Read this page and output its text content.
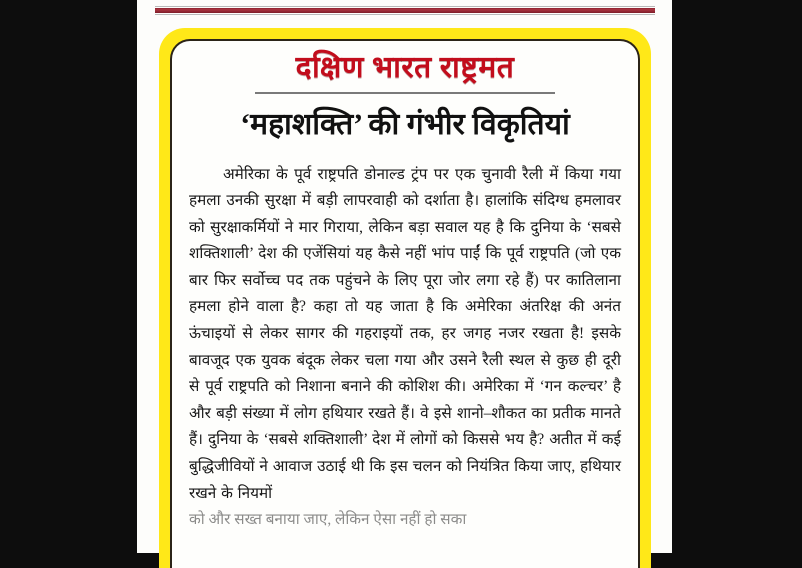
दक्षिण भारत राष्ट्रमत
‘महाशक्ति’ की गंभीर विकृतियां

अमेरिका के पूर्व राष्ट्रपति डोनाल्ड ट्रंप पर एक चुनावी रैली में किया गया हमला उनकी सुरक्षा में बड़ी लापरवाही को दर्शाता है। हालांकि संदिग्ध हमलावर को सुरक्षाकर्मियों ने मार गिराया, लेकिन बड़ा सवाल यह है कि दुनिया के ‘सबसे शक्तिशाली’ देश की एजेंसियां यह कैसे नहीं भांप पाईं कि पूर्व राष्ट्रपति (जो एक बार फिर सर्वोच्च पद तक पहुंचने के लिए पूरा जोर लगा रहे हैं) पर कातिलाना हमला होने वाला है? कहा तो यह जाता है कि अमेरिका अंतरिक्ष की अनंत ऊंचाइयों से लेकर सागर की गहराइयों तक, हर जगह नजर रखता है! इसके बावजूद एक युवक बंदूक लेकर चला गया और उसने रैली स्थल से कुछ ही दूरी से पूर्व राष्ट्रपति को निशाना बनाने की कोशिश की। अमेरिका में ‘गन कल्चर’ है और बड़ी संख्या में लोग हथियार रखते हैं। वे इसे शानो–शौकत का प्रतीक मानते हैं। दुनिया के ‘सबसे शक्तिशाली’ देश में लोगों को किससे भय है? अतीत में कई बुद्धिजीवियों ने आवाज उठाई थी कि इस चलन को नियंत्रित किया जाए, हथियार रखने के नियमों

को और सख्त बनाया जाए, लेकिन ऐसा नहीं हो सका
